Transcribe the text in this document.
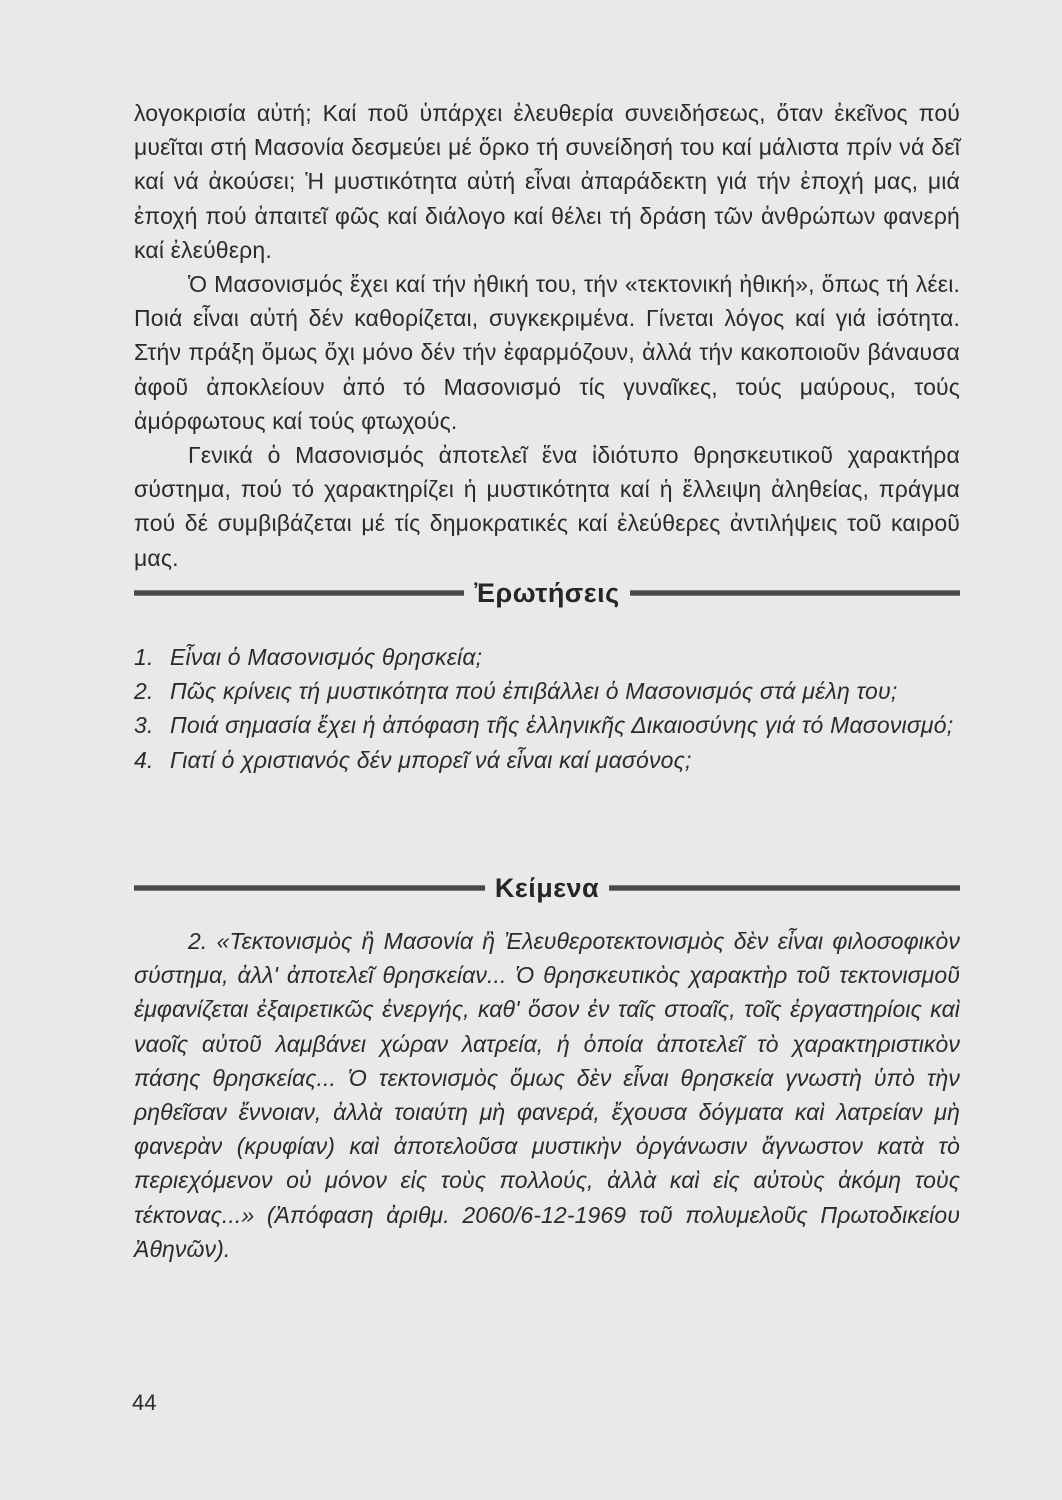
λογοκρισία αὐτή; Καί ποῦ ὑπάρχει ἐλευθερία συνειδήσεως, ὅταν ἐκεῖνος πού μυεῖται στή Μασονία δεσμεύει μέ ὅρκο τή συνείδησή του καί μάλιστα πρίν νά δεῖ καί νά ἀκούσει; Ἡ μυστικότητα αὐτή εἶναι ἀπαράδεκτη γιά τήν ἐποχή μας, μιά ἐποχή πού ἀπαιτεῖ φῶς καί διάλογο καί θέλει τή δράση τῶν ἀνθρώπων φανερή καί ἐλεύθερη.

Ὁ Μασονισμός ἔχει καί τήν ἠθική του, τήν «τεκτονική ἠθική», ὅπως τή λέει. Ποιά εἶναι αὐτή δέν καθορίζεται, συγκεκριμένα. Γίνεται λόγος καί γιά ἰσότητα. Στήν πράξη ὅμως ὄχι μόνο δέν τήν ἐφαρμόζουν, ἀλλά τήν κακοποιοῦν βάναυσα ἀφοῦ ἀποκλείουν ἀπό τό Μασονισμό τίς γυναῖκες, τούς μαύρους, τούς ἀμόρφωτους καί τούς φτωχούς.

Γενικά ὁ Μασονισμός ἀποτελεῖ ἕνα ἰδιότυπο θρησκευτικοῦ χαρακτήρα σύστημα, πού τό χαρακτηρίζει ἡ μυστικότητα καί ἡ ἔλλειψη ἀληθείας, πράγμα πού δέ συμβιβάζεται μέ τίς δημοκρατικές καί ἐλεύθερες ἀντιλήψεις τοῦ καιροῦ μας.

Ἐρωτήσεις
1. Εἶναι ὁ Μασονισμός θρησκεία;
2. Πῶς κρίνεις τή μυστικότητα πού ἐπιβάλλει ὁ Μασονισμός στά μέλη του;
3. Ποιά σημασία ἔχει ἡ ἀπόφαση τῆς ἑλληνικῆς Δικαιοσύνης γιά τό Μασονισμό;
4. Γιατί ὁ χριστιανός δέν μπορεῖ νά εἶναι καί μασόνος;
Κείμενα

2. «Τεκτονισμὸς ἢ Μασονία ἢ Ἐλευθεροτεκτονισμὸς δὲν εἶναι φιλοσοφικὸν σύστημα, ἀλλ' ἀποτελεῖ θρησκείαν... Ὁ θρησκευτικὸς χαρακτὴρ τοῦ τεκτονισμοῦ ἐμφανίζεται ἐξαιρετικῶς ἐνεργής, καθ' ὅσον ἐν ταῖς στοαῖς, τοῖς ἐργαστηρίοις καὶ ναοῖς αὐτοῦ λαμβάνει χώραν λατρεία, ἡ ὁποία ἀποτελεῖ τὸ χαρακτηριστικὸν πάσης θρησκείας... Ὁ τεκτονισμὸς ὅμως δὲν εἶναι θρησκεία γνωστὴ ὑπὸ τὴν ρηθεῖσαν ἔννοιαν, ἀλλὰ τοιαύτη μὴ φανερά, ἔχουσα δόγματα καὶ λατρείαν μὴ φανερὰν (κρυφίαν) καὶ ἀποτελοῦσα μυστικὴν ὀργάνωσιν ἄγνωστον κατὰ τὸ περιεχόμενον οὐ μόνον εἰς τοὺς πολλούς, ἀλλὰ καὶ εἰς αὐτοὺς ἀκόμη τοὺς τέκτονας...» (Ἀπόφαση ἀριθμ. 2060/6-12-1969 τοῦ πολυμελοῦς Πρωτοδικείου Ἀθηνῶν).

44
